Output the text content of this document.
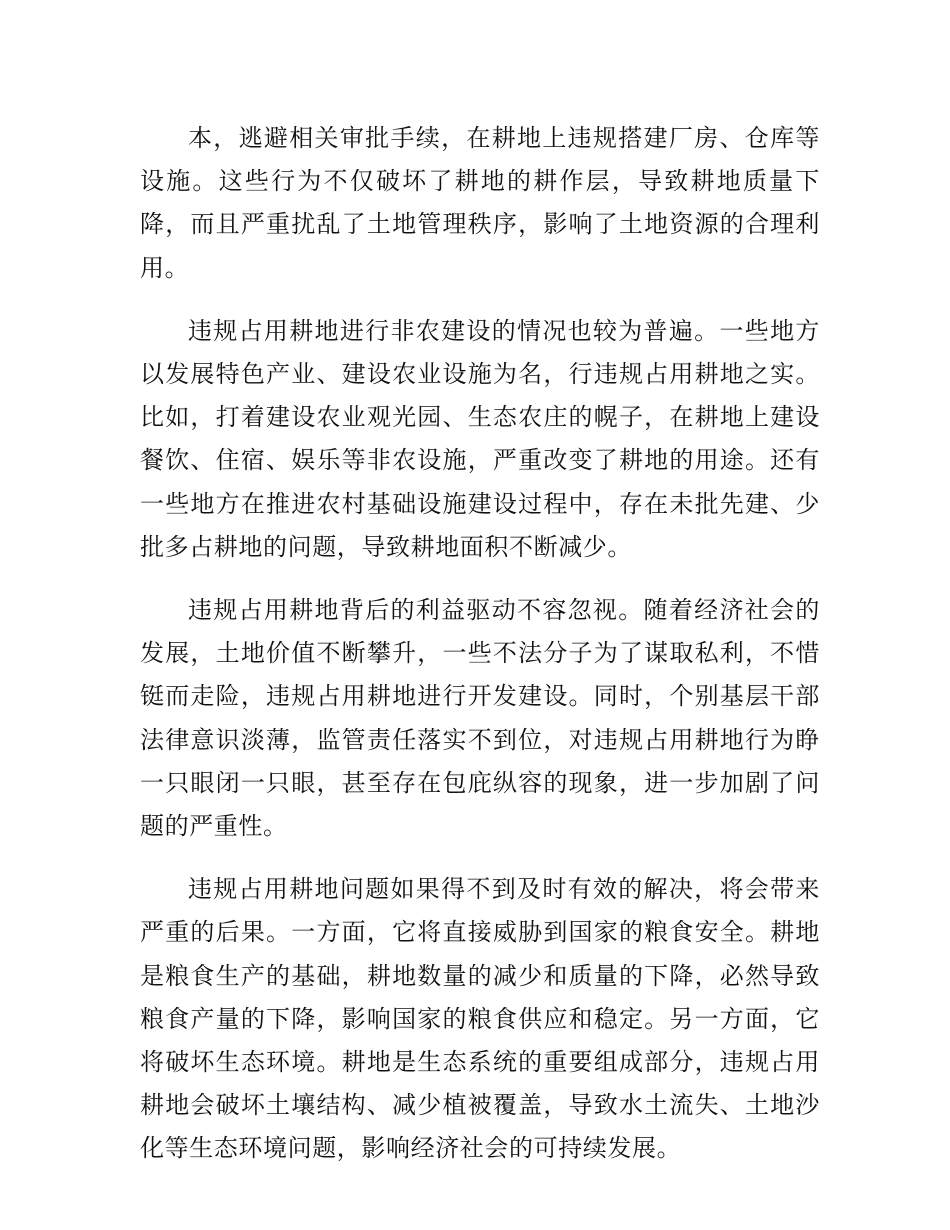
本，逃避相关审批手续，在耕地上违规搭建厂房、仓库等设施。这些行为不仅破坏了耕地的耕作层，导致耕地质量下降，而且严重扰乱了土地管理秩序，影响了土地资源的合理利用。

违规占用耕地进行非农建设的情况也较为普遍。一些地方以发展特色产业、建设农业设施为名，行违规占用耕地之实。比如，打着建设农业观光园、生态农庄的幌子，在耕地上建设餐饮、住宿、娱乐等非农设施，严重改变了耕地的用途。还有一些地方在推进农村基础设施建设过程中，存在未批先建、少批多占耕地的问题，导致耕地面积不断减少。

违规占用耕地背后的利益驱动不容忽视。随着经济社会的发展，土地价值不断攀升，一些不法分子为了谋取私利，不惜铤而走险，违规占用耕地进行开发建设。同时，个别基层干部法律意识淡薄，监管责任落实不到位，对违规占用耕地行为睁一只眼闭一只眼，甚至存在包庇纵容的现象，进一步加剧了问题的严重性。

违规占用耕地问题如果得不到及时有效的解决，将会带来严重的后果。一方面，它将直接威胁到国家的粮食安全。耕地是粮食生产的基础，耕地数量的减少和质量的下降，必然导致粮食产量的下降，影响国家的粮食供应和稳定。另一方面，它将破坏生态环境。耕地是生态系统的重要组成部分，违规占用耕地会破坏土壤结构、减少植被覆盖，导致水土流失、土地沙化等生态环境问题，影响经济社会的可持续发展。
